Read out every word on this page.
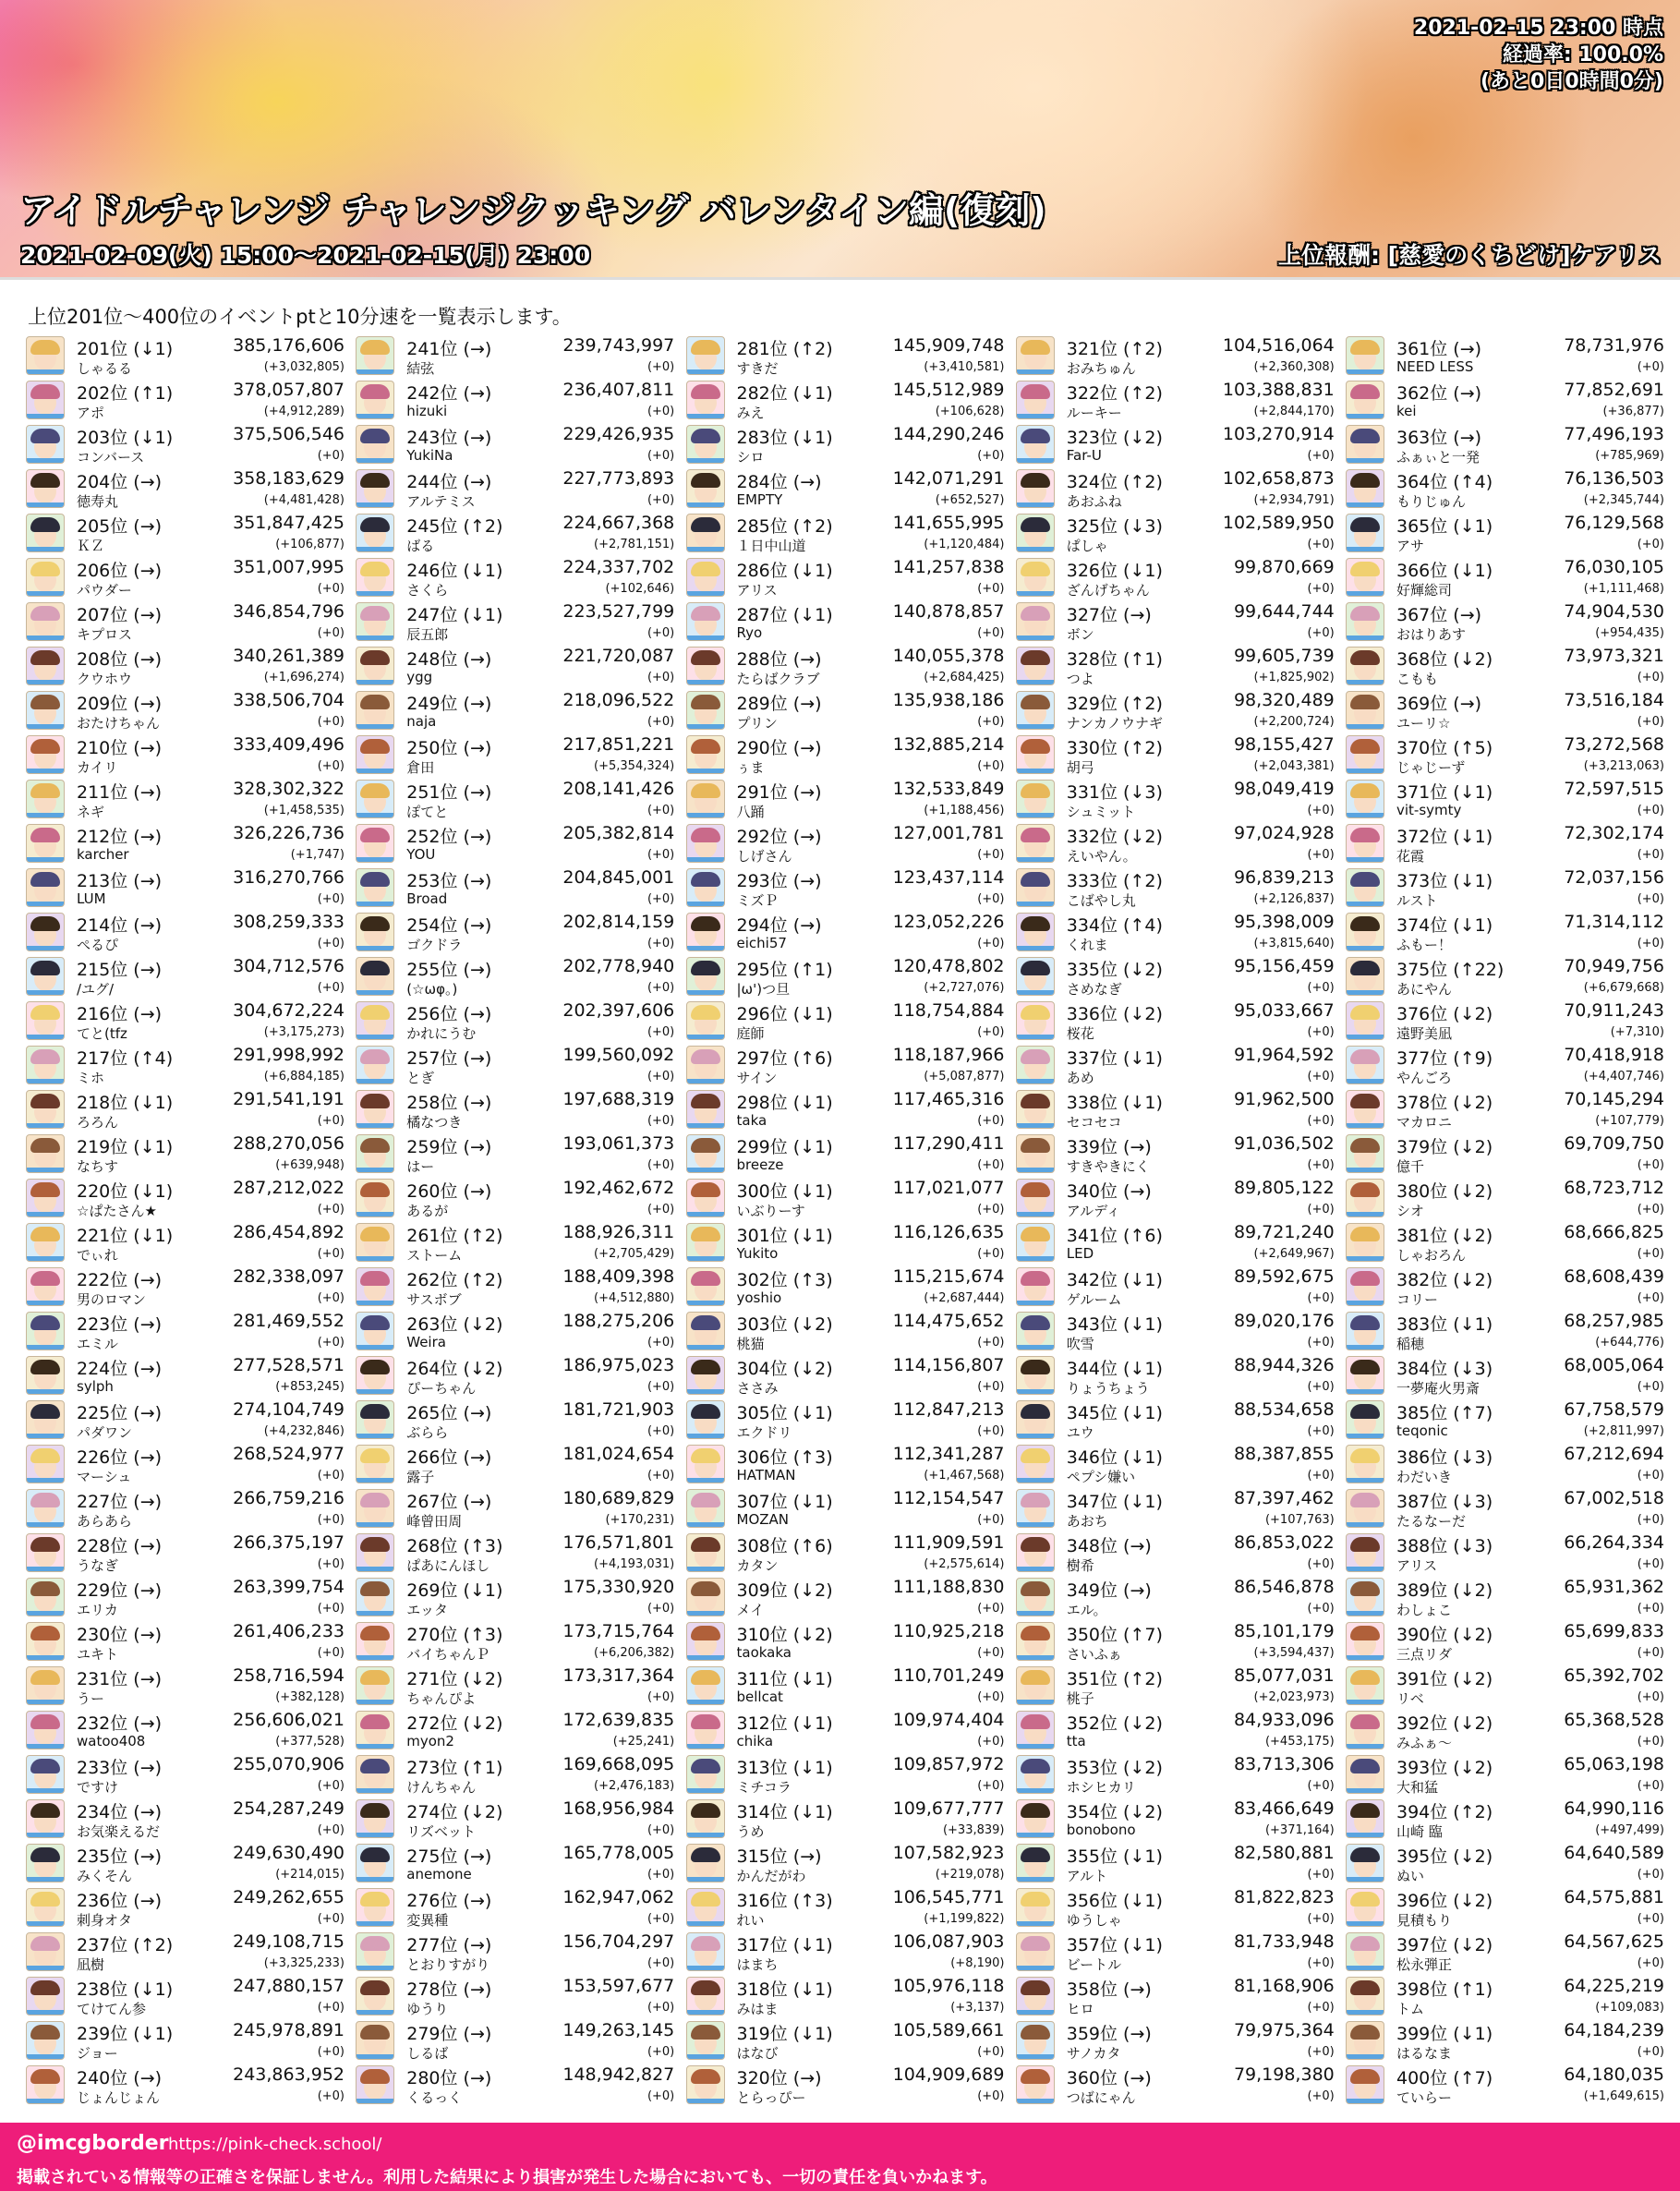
2021-02-15 23:00 時点
経過率: 100.0%
(あと0日0時間0分)
アイドルチャレンジ チャレンジクッキング バレンタイン編(復刻)
2021-02-09(火) 15:00～2021-02-15(月) 23:00	上位報酬: [慈愛のくちどけ]ケアリス
上位201位～400位のイベントptと10分速を一覧表示します。
201位 (↓1)	385,176,606
しゃるる	(+3,032,805)
202位 (↑1)	378,057,807
アポ	(+4,912,289)
203位 (↓1)	375,506,546
コンバース	(+0)
204位 (→)	358,183,629
徳寿丸	(+4,481,428)
205位 (→)	351,847,425
ＫＺ	(+106,877)
206位 (→)	351,007,995
パウダー	(+0)
207位 (→)	346,854,796
キプロス	(+0)
208位 (→)	340,261,389
クウホウ	(+1,696,274)
209位 (→)	338,506,704
おたけちゃん	(+0)
210位 (→)	333,409,496
カイリ	(+0)
211位 (→)	328,302,322
ネギ	(+1,458,535)
212位 (→)	326,226,736
karcher	(+1,747)
213位 (→)	316,270,766
LUM	(+0)
214位 (→)	308,259,333
ぺるぴ	(+0)
215位 (→)	304,712,576
/ユグ/	(+0)
216位 (→)	304,672,224
てと(tfz	(+3,175,273)
217位 (↑4)	291,998,992
ミホ	(+6,884,185)
218位 (↓1)	291,541,191
ろろん	(+0)
219位 (↓1)	288,270,056
なちす	(+639,948)
220位 (↓1)	287,212,022
☆ぱたさん★	(+0)
221位 (↓1)	286,454,892
でぃれ	(+0)
222位 (→)	282,338,097
男のロマン	(+0)
223位 (→)	281,469,552
エミル	(+0)
224位 (→)	277,528,571
sylph	(+853,245)
225位 (→)	274,104,749
パダワン	(+4,232,846)
226位 (→)	268,524,977
マーシュ	(+0)
227位 (→)	266,759,216
あらあら	(+0)
228位 (→)	266,375,197
うなぎ	(+0)
229位 (→)	263,399,754
エリカ	(+0)
230位 (→)	261,406,233
ユキト	(+0)
231位 (→)	258,716,594
うー	(+382,128)
232位 (→)	256,606,021
watoo408	(+377,528)
233位 (→)	255,070,906
ですけ	(+0)
234位 (→)	254,287,249
お気楽えるだ	(+0)
235位 (→)	249,630,490
みくそん	(+214,015)
236位 (→)	249,262,655
刺身オタ	(+0)
237位 (↑2)	249,108,715
凪樹	(+3,325,233)
238位 (↓1)	247,880,157
てけてん参	(+0)
239位 (↓1)	245,978,891
ジョー	(+0)
240位 (→)	243,863,952
じょんじょん	(+0)
241位 (→)	239,743,997
結弦	(+0)
242位 (→)	236,407,811
hizuki	(+0)
243位 (→)	229,426,935
YukiNa	(+0)
244位 (→)	227,773,893
アルテミス	(+0)
245位 (↑2)	224,667,368
ばる	(+2,781,151)
246位 (↓1)	224,337,702
さくら	(+102,646)
247位 (↓1)	223,527,799
辰五郎	(+0)
248位 (→)	221,720,087
ygg	(+0)
249位 (→)	218,096,522
naja	(+0)
250位 (→)	217,851,221
倉田	(+5,354,324)
251位 (→)	208,141,426
ぽてと	(+0)
252位 (→)	205,382,814
YOU	(+0)
253位 (→)	204,845,001
Broad	(+0)
254位 (→)	202,814,159
ゴクドラ	(+0)
255位 (→)	202,778,940
(☆ωφ。)	(+0)
256位 (→)	202,397,606
かれにうむ	(+0)
257位 (→)	199,560,092
とぎ	(+0)
258位 (→)	197,688,319
橘なつき	(+0)
259位 (→)	193,061,373
はー	(+0)
260位 (→)	192,462,672
あるが	(+0)
261位 (↑2)	188,926,311
ストーム	(+2,705,429)
262位 (↑2)	188,409,398
サスボブ	(+4,512,880)
263位 (↓2)	188,275,206
Weira	(+0)
264位 (↓2)	186,975,023
ぴーちゃん	(+0)
265位 (→)	181,721,903
ぶらら	(+0)
266位 (→)	181,024,654
露子	(+0)
267位 (→)	180,689,829
峰曾田周	(+170,231)
268位 (↑3)	176,571,801
ぱあにんほし	(+4,193,031)
269位 (↓1)	175,330,920
エッタ	(+0)
270位 (↑3)	173,715,764
バイちゃんＰ	(+6,206,382)
271位 (↓2)	173,317,364
ちゃんぴよ	(+0)
272位 (↓2)	172,639,835
myon2	(+25,241)
273位 (↑1)	169,668,095
けんちゃん	(+2,476,183)
274位 (↓2)	168,956,984
リズベット	(+0)
275位 (→)	165,778,005
anemone	(+0)
276位 (→)	162,947,062
変異種	(+0)
277位 (→)	156,704,297
とおりすがり	(+0)
278位 (→)	153,597,677
ゆうり	(+0)
279位 (→)	149,263,145
しるば	(+0)
280位 (→)	148,942,827
くるっく	(+0)
281位 (↑2)	145,909,748
すきだ	(+3,410,581)
282位 (↓1)	145,512,989
みえ	(+106,628)
283位 (↓1)	144,290,246
シロ	(+0)
284位 (→)	142,071,291
EMPTY	(+652,527)
285位 (↑2)	141,655,995
１日中山道	(+1,120,484)
286位 (↓1)	141,257,838
アリス	(+0)
287位 (↓1)	140,878,857
Ryo	(+0)
288位 (→)	140,055,378
たらばクラブ	(+2,684,425)
289位 (→)	135,938,186
プリン	(+0)
290位 (→)	132,885,214
ぅま	(+0)
291位 (→)	132,533,849
八踊	(+1,188,456)
292位 (→)	127,001,781
しげさん	(+0)
293位 (→)	123,437,114
ミズＰ	(+0)
294位 (→)	123,052,226
eichi57	(+0)
295位 (↑1)	120,478,802
|ω')つ旦	(+2,727,076)
296位 (↓1)	118,754,884
庭師	(+0)
297位 (↑6)	118,187,966
サイン	(+5,087,877)
298位 (↓1)	117,465,316
taka	(+0)
299位 (↓1)	117,290,411
breeze	(+0)
300位 (↓1)	117,021,077
いぶりーす	(+0)
301位 (↓1)	116,126,635
Yukito	(+0)
302位 (↑3)	115,215,674
yoshio	(+2,687,444)
303位 (↓2)	114,475,652
桃猫	(+0)
304位 (↓2)	114,156,807
ささみ	(+0)
305位 (↓1)	112,847,213
エクドリ	(+0)
306位 (↑3)	112,341,287
HATMAN	(+1,467,568)
307位 (↓1)	112,154,547
MOZAN	(+0)
308位 (↑6)	111,909,591
カタン	(+2,575,614)
309位 (↓2)	111,188,830
メイ	(+0)
310位 (↓2)	110,925,218
taokaka	(+0)
311位 (↓1)	110,701,249
bellcat	(+0)
312位 (↓1)	109,974,404
chika	(+0)
313位 (↓1)	109,857,972
ミチコラ	(+0)
314位 (↓1)	109,677,777
うめ	(+33,839)
315位 (→)	107,582,923
かんだがわ	(+219,078)
316位 (↑3)	106,545,771
れい	(+1,199,822)
317位 (↓1)	106,087,903
はまち	(+8,190)
318位 (↓1)	105,976,118
みはま	(+3,137)
319位 (↓1)	105,589,661
はなび	(+0)
320位 (→)	104,909,689
とらっぴー	(+0)
321位 (↑2)	104,516,064
おみちゅん	(+2,360,308)
322位 (↑2)	103,388,831
ルーキー	(+2,844,170)
323位 (↓2)	103,270,914
Far-U	(+0)
324位 (↑2)	102,658,873
あおふね	(+2,934,791)
325位 (↓3)	102,589,950
ぱしゃ	(+0)
326位 (↓1)	99,870,669
ざんげちゃん	(+0)
327位 (→)	99,644,744
ボン	(+0)
328位 (↑1)	99,605,739
つよ	(+1,825,902)
329位 (↑2)	98,320,489
ナンカノウナギ	(+2,200,724)
330位 (↑2)	98,155,427
胡弓	(+2,043,381)
331位 (↓3)	98,049,419
シュミット	(+0)
332位 (↓2)	97,024,928
えいやん。	(+0)
333位 (↑2)	96,839,213
こばやし丸	(+2,126,837)
334位 (↑4)	95,398,009
くれま	(+3,815,640)
335位 (↓2)	95,156,459
さめなぎ	(+0)
336位 (↓2)	95,033,667
桜花	(+0)
337位 (↓1)	91,964,592
あめ	(+0)
338位 (↓1)	91,962,500
セコセコ	(+0)
339位 (→)	91,036,502
すきやきにく	(+0)
340位 (→)	89,805,122
アルディ	(+0)
341位 (↑6)	89,721,240
LED	(+2,649,967)
342位 (↓1)	89,592,675
ゲルーム	(+0)
343位 (↓1)	89,020,176
吹雪	(+0)
344位 (↓1)	88,944,326
りょうちょう	(+0)
345位 (↓1)	88,534,658
ユウ	(+0)
346位 (↓1)	88,387,855
ペプシ嫌い	(+0)
347位 (↓1)	87,397,462
あおち	(+107,763)
348位 (→)	86,853,022
樹希	(+0)
349位 (→)	86,546,878
エル。	(+0)
350位 (↑7)	85,101,179
さいふぁ	(+3,594,437)
351位 (↑2)	85,077,031
桃子	(+2,023,973)
352位 (↓2)	84,933,096
tta	(+453,175)
353位 (↓2)	83,713,306
ホシヒカリ	(+0)
354位 (↓2)	83,466,649
bonobono	(+371,164)
355位 (↓1)	82,580,881
アルト	(+0)
356位 (↓1)	81,822,823
ゆうしゃ	(+0)
357位 (↓1)	81,733,948
ビートル	(+0)
358位 (→)	81,168,906
ヒロ	(+0)
359位 (→)	79,975,364
サノカタ	(+0)
360位 (→)	79,198,380
つばにゃん	(+0)
361位 (→)	78,731,976
NEED LESS	(+0)
362位 (→)	77,852,691
kei	(+36,877)
363位 (→)	77,496,193
ふぁぃと一発	(+785,969)
364位 (↑4)	76,136,503
もりじゅん	(+2,345,744)
365位 (↓1)	76,129,568
アサ	(+0)
366位 (↓1)	76,030,105
好輝総司	(+1,111,468)
367位 (→)	74,904,530
おはりあす	(+954,435)
368位 (↓2)	73,973,321
こもも	(+0)
369位 (→)	73,516,184
ユーリ☆	(+0)
370位 (↑5)	73,272,568
じゃじーず	(+3,213,063)
371位 (↓1)	72,597,515
vit-symty	(+0)
372位 (↓1)	72,302,174
花霞	(+0)
373位 (↓1)	72,037,156
ルスト	(+0)
374位 (↓1)	71,314,112
ふもー！	(+0)
375位 (↑22)	70,949,756
あにやん	(+6,679,668)
376位 (↓2)	70,911,243
遠野美凪	(+7,310)
377位 (↑9)	70,418,918
やんごろ	(+4,407,746)
378位 (↓2)	70,145,294
マカロニ	(+107,779)
379位 (↓2)	69,709,750
億千	(+0)
380位 (↓2)	68,723,712
シオ	(+0)
381位 (↓2)	68,666,825
しゃおろん	(+0)
382位 (↓2)	68,608,439
コリー	(+0)
383位 (↓1)	68,257,985
稲穂	(+644,776)
384位 (↓3)	68,005,064
一夢庵火男斎	(+0)
385位 (↑7)	67,758,579
teqonic	(+2,811,997)
386位 (↓3)	67,212,694
わだいき	(+0)
387位 (↓3)	67,002,518
たるなーだ	(+0)
388位 (↓3)	66,264,334
アリス	(+0)
389位 (↓2)	65,931,362
わしょこ	(+0)
390位 (↓2)	65,699,833
三点リダ	(+0)
391位 (↓2)	65,392,702
リベ	(+0)
392位 (↓2)	65,368,528
みふぁ～	(+0)
393位 (↓2)	65,063,198
大和猛	(+0)
394位 (↑2)	64,990,116
山崎 臨	(+497,499)
395位 (↓2)	64,640,589
ぬい	(+0)
396位 (↓2)	64,575,881
見積もり	(+0)
397位 (↓2)	64,567,625
松永弾正	(+0)
398位 (↑1)	64,225,219
トム	(+109,083)
399位 (↓1)	64,184,239
はるなま	(+0)
400位 (↑7)	64,180,035
ていらー	(+1,649,615)
@imcgborder https://pink-check.school/
掲載されている情報等の正確さを保証しません。利用した結果により損害が発生した場合においても、一切の責任を負いかねます。
